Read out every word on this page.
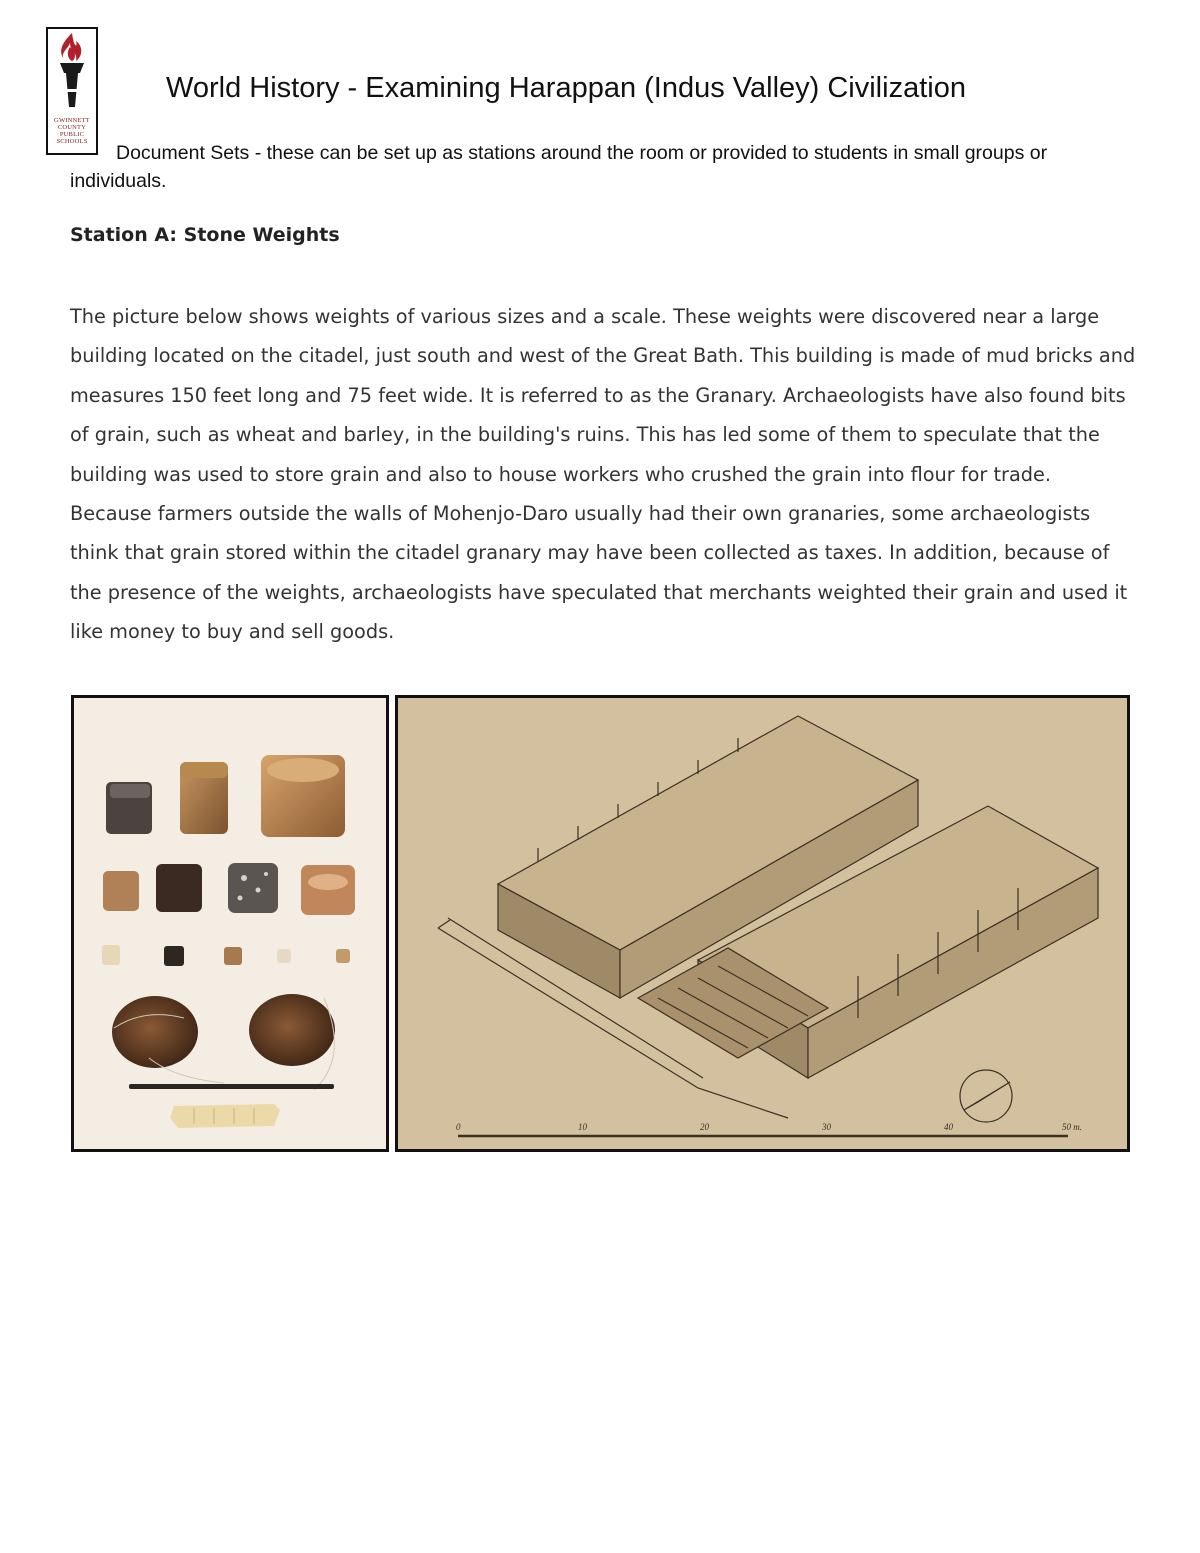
GWINNETT
COUNTY
PUBLIC
SCHOOLS
World History - Examining Harappan (Indus Valley) Civilization
Document Sets - these can be set up as stations around the room or provided to students in small groups or individuals.
Station A: Stone Weights
The picture below shows weights of various sizes and a scale. These weights were discovered near a large building located on the citadel, just south and west of the Great Bath. This building is made of mud bricks and measures 150 feet long and 75 feet wide. It is referred to as the Granary. Archaeologists have also found bits of grain, such as wheat and barley, in the building's ruins. This has led some of them to speculate that the building was used to store grain and also to house workers who crushed the grain into flour for trade. Because farmers outside the walls of Mohenjo-Daro usually had their own granaries, some archaeologists think that grain stored within the citadel granary may have been collected as taxes. In addition, because of the presence of the weights, archaeologists have speculated that merchants weighted their grain and used it like money to buy and sell goods.
0	10	20	30	40	50 m.
